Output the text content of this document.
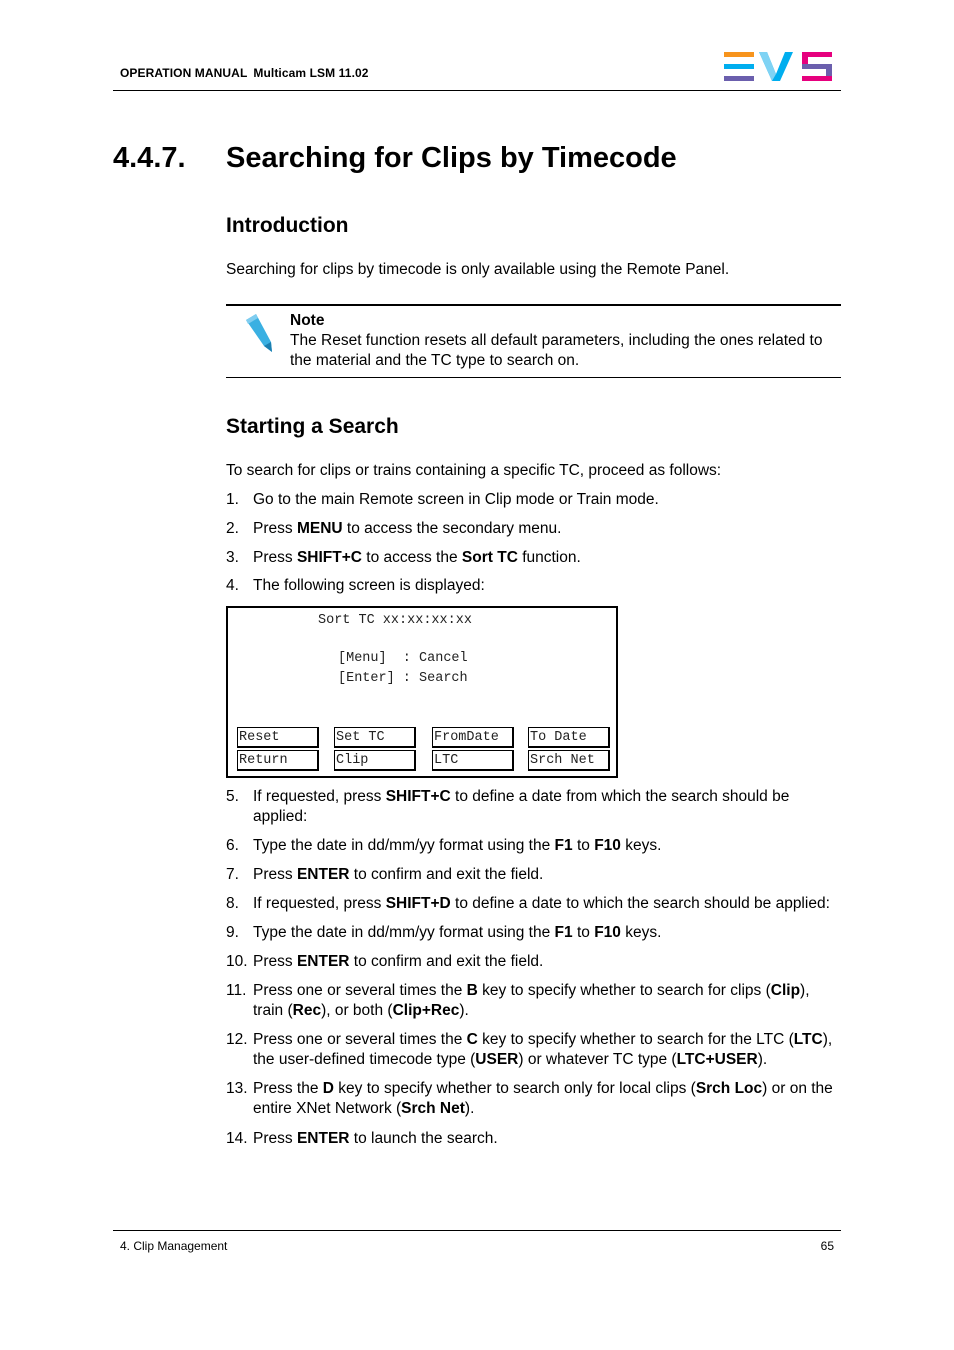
OPERATION MANUAL Multicam LSM 11.02
4.4.7. Searching for Clips by Timecode
Introduction
Searching for clips by timecode is only available using the Remote Panel.
Note
The Reset function resets all default parameters, including the ones related to
the material and the TC type to search on.
Starting a Search
To search for clips or trains containing a specific TC, proceed as follows:
1. Go to the main Remote screen in Clip mode or Train mode.
2. Press MENU to access the secondary menu.
3. Press SHIFT+C to access the Sort TC function.
4. The following screen is displayed:
5. If requested, press SHIFT+C to define a date from which the search should be applied:
6. Type the date in dd/mm/yy format using the F1 to F10 keys.
7. Press ENTER to confirm and exit the field.
8. If requested, press SHIFT+D to define a date to which the search should be applied:
9. Type the date in dd/mm/yy format using the F1 to F10 keys.
10. Press ENTER to confirm and exit the field.
11. Press one or several times the B key to specify whether to search for clips (Clip), train (Rec), or both (Clip+Rec).
12. Press one or several times the C key to specify whether to search for the LTC (LTC), the user-defined timecode type (USER) or whatever TC type (LTC+USER).
13. Press the D key to specify whether to search only for local clips (Srch Loc) or on the entire XNet Network (Srch Net).
14. Press ENTER to launch the search.
Sort TC xx:xx:xx:xx
[Menu]  : Cancel
[Enter] : Search
Reset	Set TC	FromDate	To Date
Return	Clip	LTC	Srch Net
4. Clip Management	65
